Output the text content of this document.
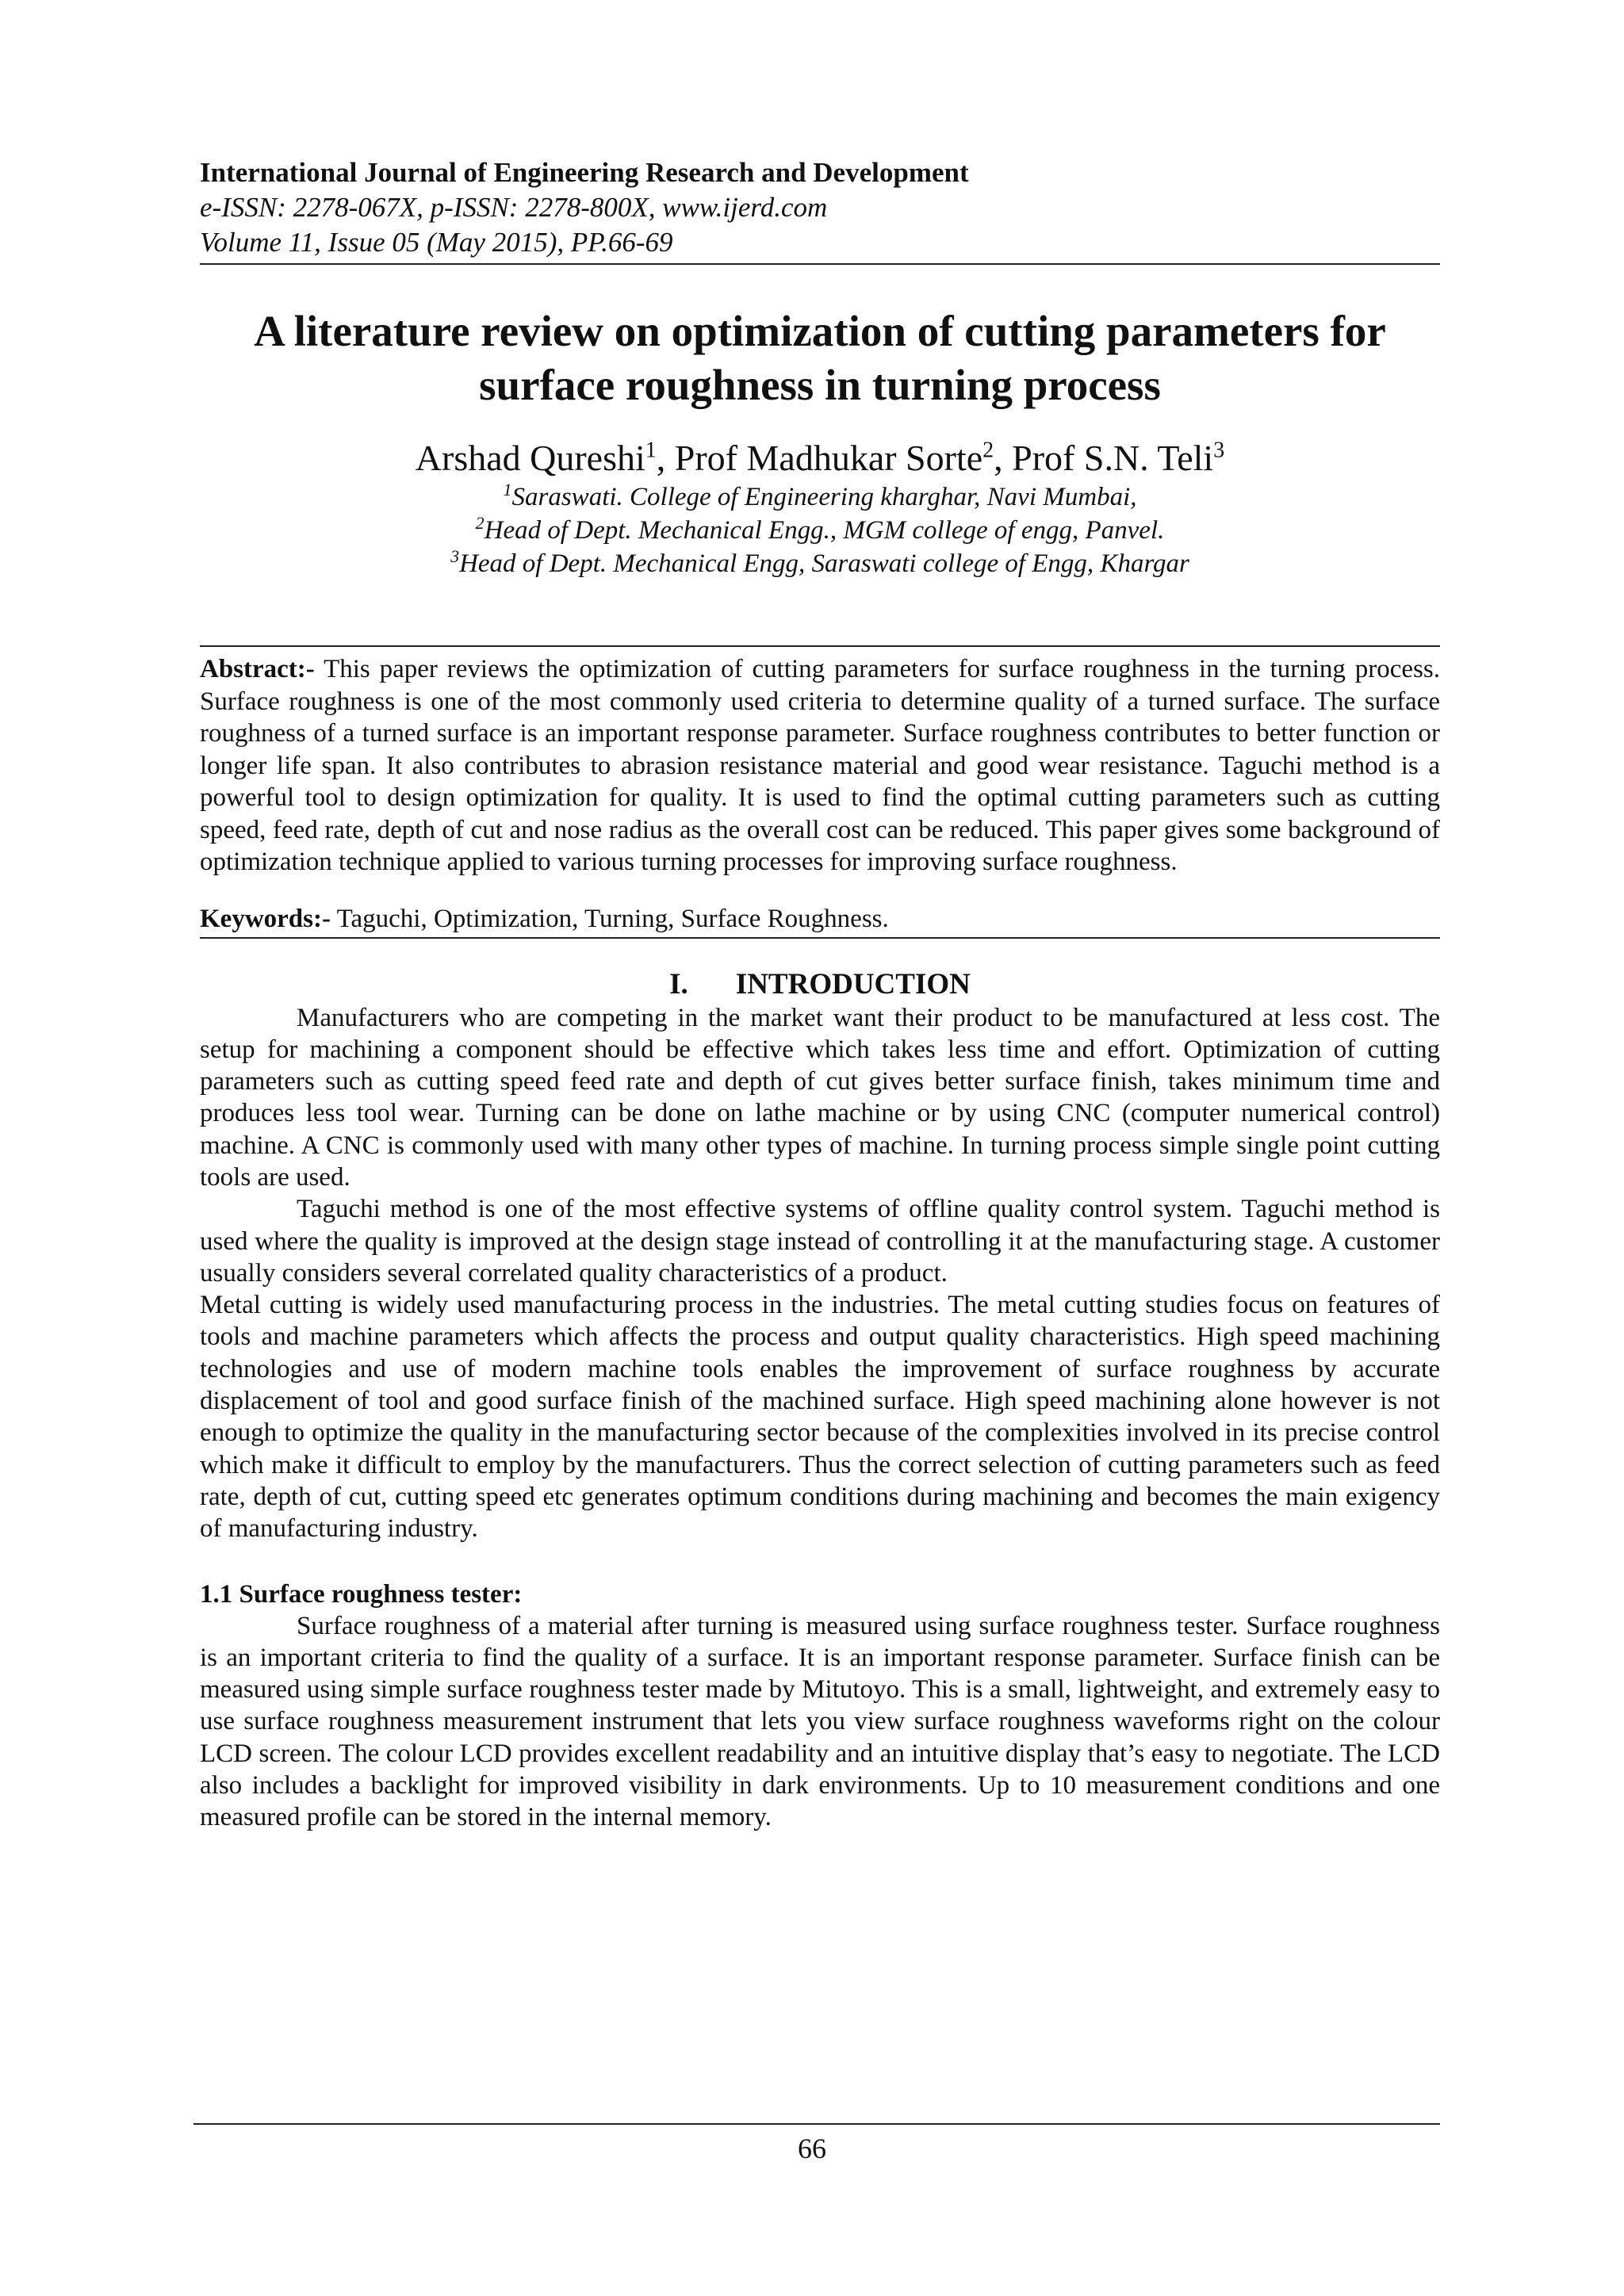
International Journal of Engineering Research and Development
e-ISSN: 2278-067X, p-ISSN: 2278-800X, www.ijerd.com
Volume 11, Issue 05 (May 2015), PP.66-69
A literature review on optimization of cutting parameters for
surface roughness in turning process
Arshad Qureshi$^1$, Prof Madhukar Sorte$^2$, Prof S.N. Teli$^3$
$^1$Saraswati. College of Engineering kharghar, Navi Mumbai,
$^2$Head of Dept. Mechanical Engg., MGM college of engg, Panvel.
$^3$Head of Dept. Mechanical Engg, Saraswati college of Engg, Khargar
Abstract:- This paper reviews the optimization of cutting parameters for surface roughness in the turning process. Surface roughness is one of the most commonly used criteria to determine quality of a turned surface. The surface roughness of a turned surface is an important response parameter. Surface roughness contributes to better function or longer life span. It also contributes to abrasion resistance material and good wear resistance. Taguchi method is a powerful tool to design optimization for quality. It is used to find the optimal cutting parameters such as cutting speed, feed rate, depth of cut and nose radius as the overall cost can be reduced. This paper gives some background of optimization technique applied to various turning processes for improving surface roughness.
Keywords:- Taguchi, Optimization, Turning, Surface Roughness.
I. INTRODUCTION

Manufacturers who are competing in the market want their product to be manufactured at less cost. The setup for machining a component should be effective which takes less time and effort. Optimization of cutting parameters such as cutting speed feed rate and depth of cut gives better surface finish, takes minimum time and produces less tool wear. Turning can be done on lathe machine or by using CNC (computer numerical control) machine. A CNC is commonly used with many other types of machine. In turning process simple single point cutting tools are used.

Taguchi method is one of the most effective systems of offline quality control system. Taguchi method is used where the quality is improved at the design stage instead of controlling it at the manufacturing stage. A customer usually considers several correlated quality characteristics of a product.

Metal cutting is widely used manufacturing process in the industries. The metal cutting studies focus on features of tools and machine parameters which affects the process and output quality characteristics. High speed machining technologies and use of modern machine tools enables the improvement of surface roughness by accurate displacement of tool and good surface finish of the machined surface. High speed machining alone however is not enough to optimize the quality in the manufacturing sector because of the complexities involved in its precise control which make it difficult to employ by the manufacturers. Thus the correct selection of cutting parameters such as feed rate, depth of cut, cutting speed etc generates optimum conditions during machining and becomes the main exigency of manufacturing industry.

1.1 Surface roughness tester:

Surface roughness of a material after turning is measured using surface roughness tester. Surface roughness is an important criteria to find the quality of a surface. It is an important response parameter. Surface finish can be measured using simple surface roughness tester made by Mitutoyo. This is a small, lightweight, and extremely easy to use surface roughness measurement instrument that lets you view surface roughness waveforms right on the colour LCD screen. The colour LCD provides excellent readability and an intuitive display that’s easy to negotiate. The LCD also includes a backlight for improved visibility in dark environments. Up to 10 measurement conditions and one measured profile can be stored in the internal memory.

66
